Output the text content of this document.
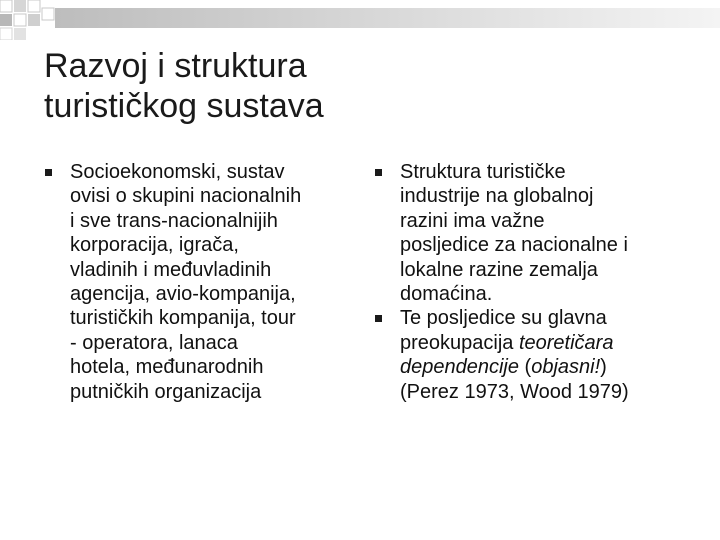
Razvoj i struktura
turističkog sustava
Socioekonomski, sustav
ovisi o skupini nacionalnih
i sve trans-nacionalnijih
korporacija, igrača,
vladinih i međuvladinih
agencija, avio-kompanija,
turističkih kompanija, tour
- operatora, lanaca
hotela, međunarodnih
putničkih organizacija
Struktura turističke
industrije na globalnoj
razini ima važne
posljedice za nacionalne i
lokalne razine zemalja
domaćina.
Te posljedice su glavna
preokupacija teoretičara
dependencije (objasni!)
(Perez 1973, Wood 1979)
